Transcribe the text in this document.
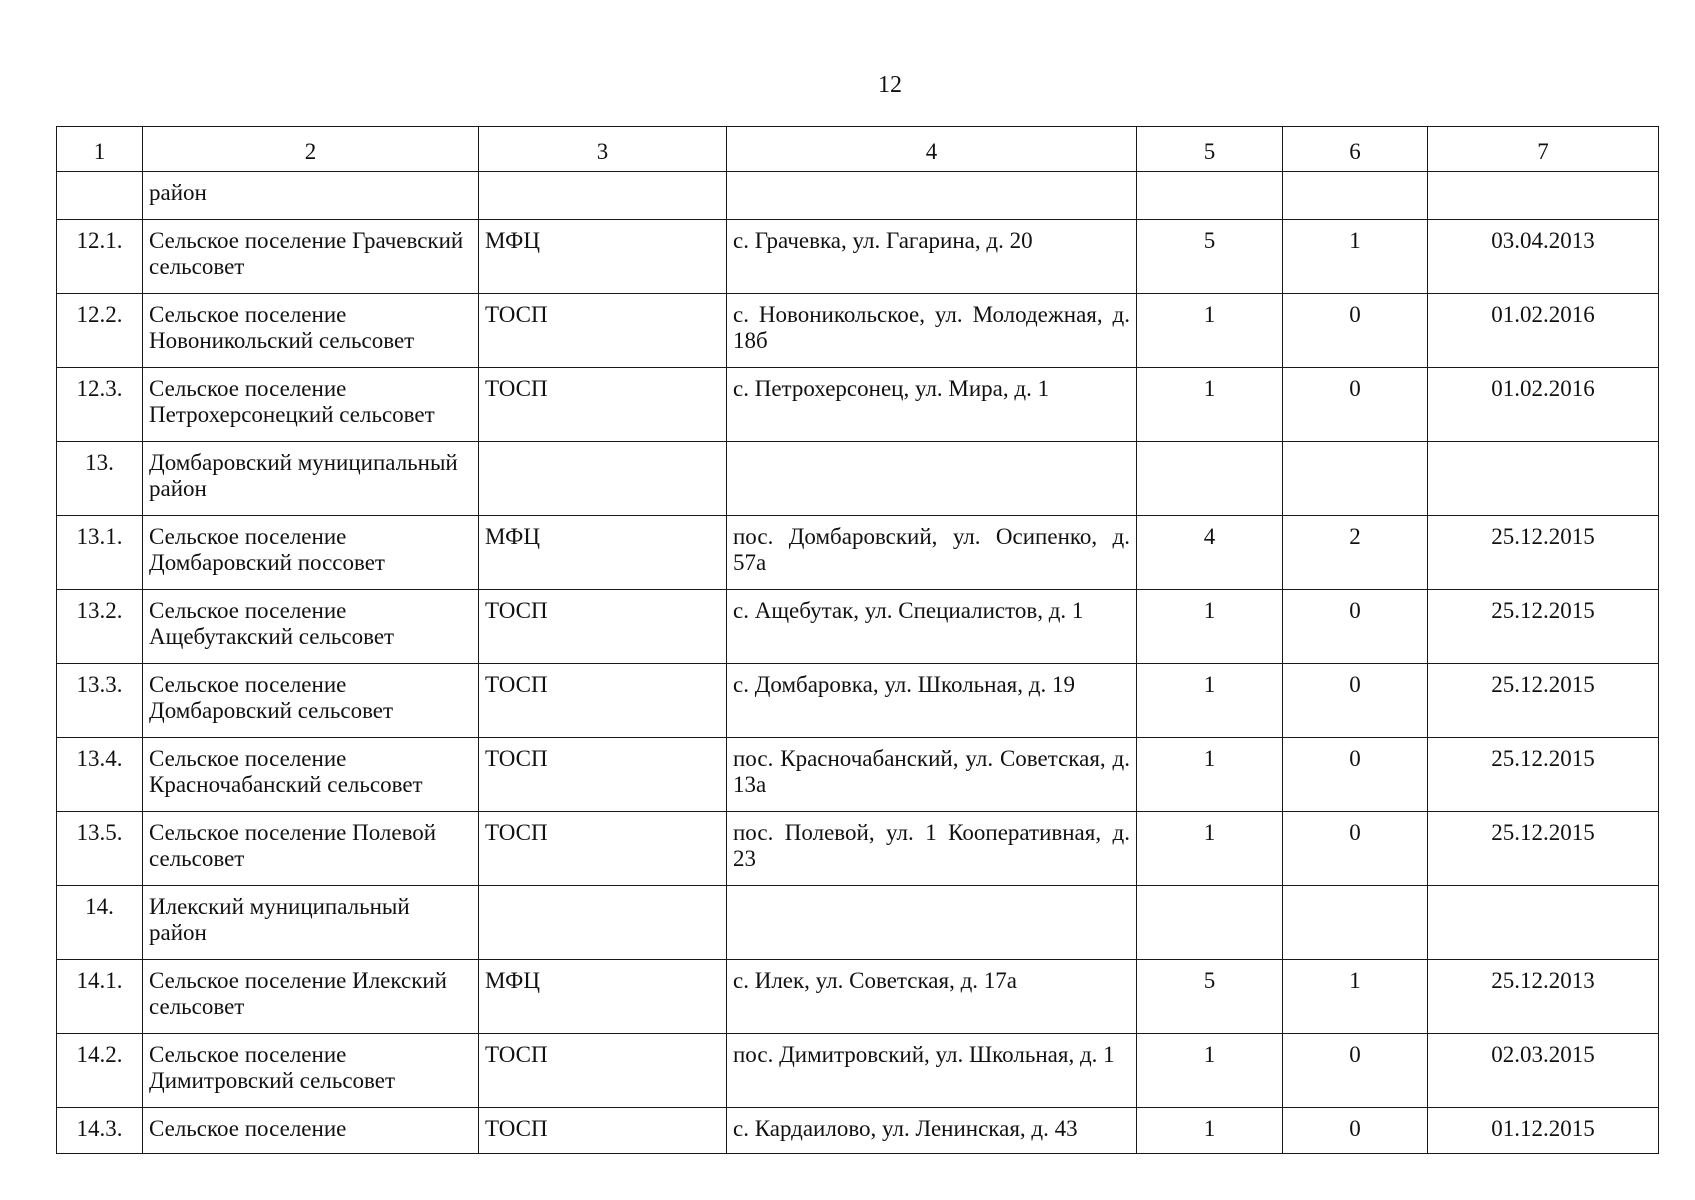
12
1	2	3	4	5	6	7
	район					
12.1.	Сельское поселение Грачевский сельсовет	МФЦ	с. Грачевка, ул. Гагарина, д. 20	5	1	03.04.2013
12.2.	Сельское поселение Новоникольский сельсовет	ТОСП	с. Новоникольское, ул. Молодежная, д. 18б	1	0	01.02.2016
12.3.	Сельское поселение Петрохерсонецкий сельсовет	ТОСП	с. Петрохерсонец, ул. Мира, д. 1	1	0	01.02.2016
13.	Домбаровский муниципальный район					
13.1.	Сельское поселение Домбаровский поссовет	МФЦ	пос. Домбаровский, ул. Осипенко, д. 57а	4	2	25.12.2015
13.2.	Сельское поселение Ащебутакский сельсовет	ТОСП	с. Ащебутак, ул. Специалистов, д. 1	1	0	25.12.2015
13.3.	Сельское поселение Домбаровский сельсовет	ТОСП	с. Домбаровка, ул. Школьная, д. 19	1	0	25.12.2015
13.4.	Сельское поселение Красночабанский сельсовет	ТОСП	пос. Красночабанский, ул. Советская, д. 13а	1	0	25.12.2015
13.5.	Сельское поселение Полевой сельсовет	ТОСП	пос. Полевой, ул. 1 Кооперативная, д. 23	1	0	25.12.2015
14.	Илекский муниципальный район					
14.1.	Сельское поселение Илекский сельсовет	МФЦ	с. Илек, ул. Советская, д. 17а	5	1	25.12.2013
14.2.	Сельское поселение Димитровский сельсовет	ТОСП	пос. Димитровский, ул. Школьная, д. 1	1	0	02.03.2015
14.3.	Сельское поселение	ТОСП	с. Кардаилово, ул. Ленинская, д. 43	1	0	01.12.2015
